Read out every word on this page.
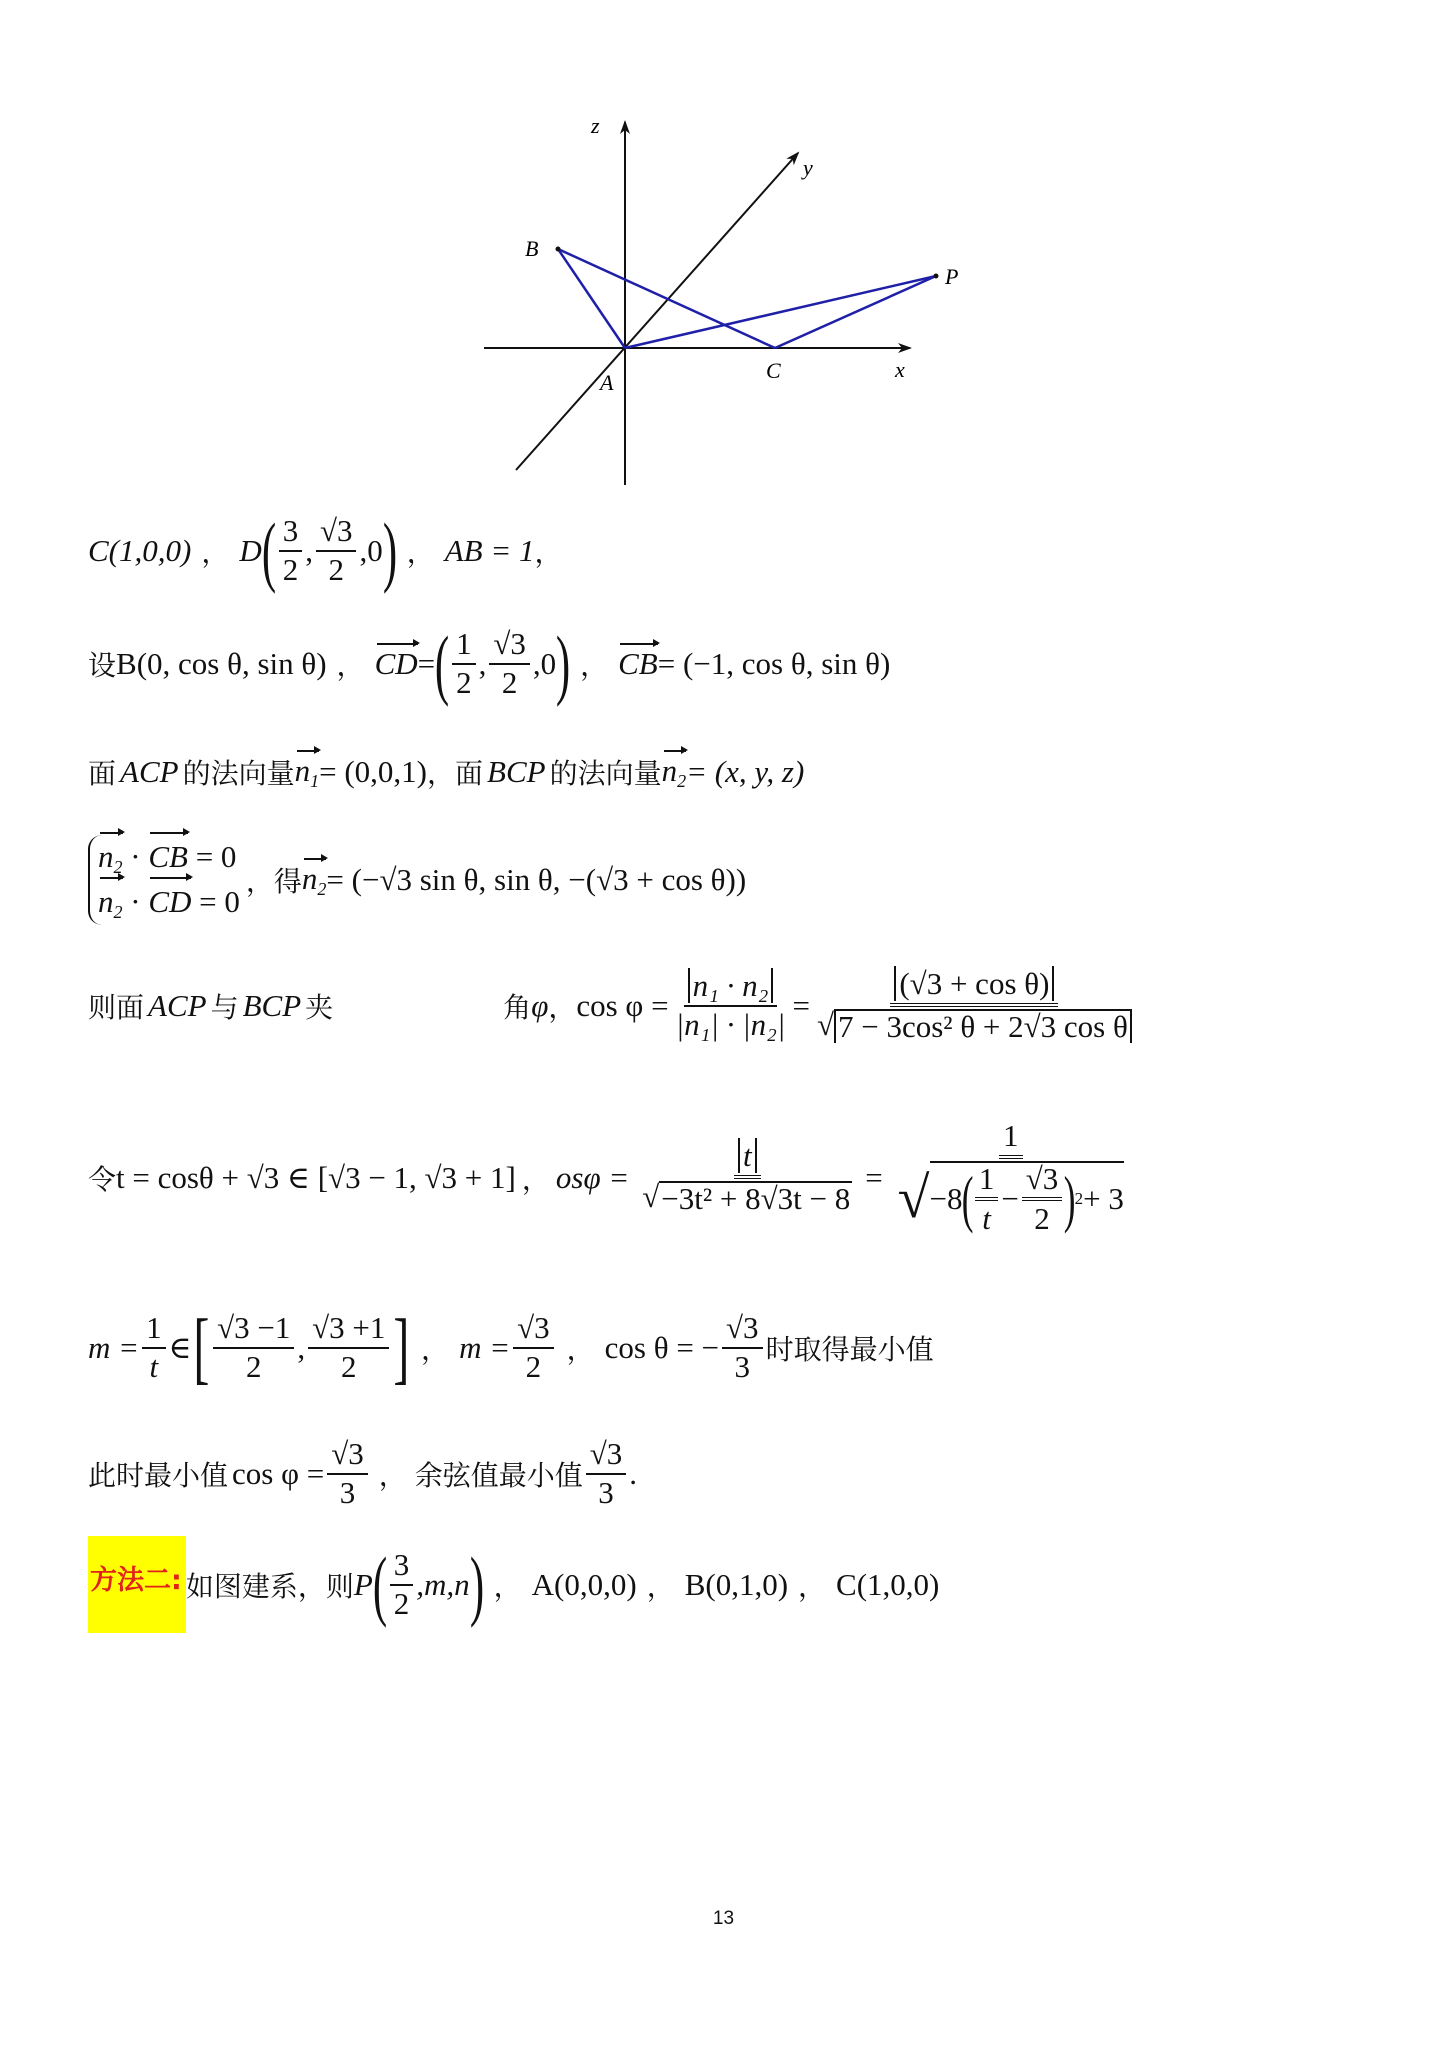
z
y
x
B
A	C
P
C(1,0,0) ， D ( $\frac{3}{2}$ , $\frac{√3}{2} ,0$ ) ， AB = 1 ，
设 B(0, cos θ, sin θ) ， CD = ( $\frac{1}{2}$ , $\frac{√3}{2} ,0$ ) ， CB = (−1, cos θ, sin θ)
面 ACP 的法向量 $n_1 = (0,0,1)$ ， 面 BCP 的法向量 $n_2 = (x$, y, z)
$n_2$ · CB = 0
$n_2$ · CD = 0
， 得 $n_2 = (-√3$ sin θ, sin θ, −(√3 + cos θ))
则面 ACP 与 BCP 夹	角 φ ， $\cos \varphi = \frac{\text{n₁ · n₂}}{\text{|n₁| · |n₂|}} = \frac{\text{(√3 + cos θ)}}{\text{√ 7 − 3cos² θ + 2√3 cos θ}}$
令 t = cosθ + √3 ∈ [√3 − 1, √3 + 1] ， $os\varphi = \frac{t}{\text{√ −3t² + 8√3t − 8}}$ =
1
√ −8
( $\frac{1}{t} - \frac{√3}{2}$ )
2 + 3
$m = \frac{1}{t}$ ∈ [ $\frac{√3 -1}{2}$ , $\frac{√3 +1}{2}$ ] ， $m = \frac{√3}{2}$ ， cos θ = − $\frac{√3}{3}$ 时取得最小值
此时最小值 $\cos \varphi = \frac{√3}{3}$ ， 余弦值最小值 $\frac{√3}{3}$ .
方法二: 如图建系，则 P ( $\frac{3}{2} ,m,n$ ) ， A(0,0,0) ， B(0,1,0) ， C(1,0,0)
13
